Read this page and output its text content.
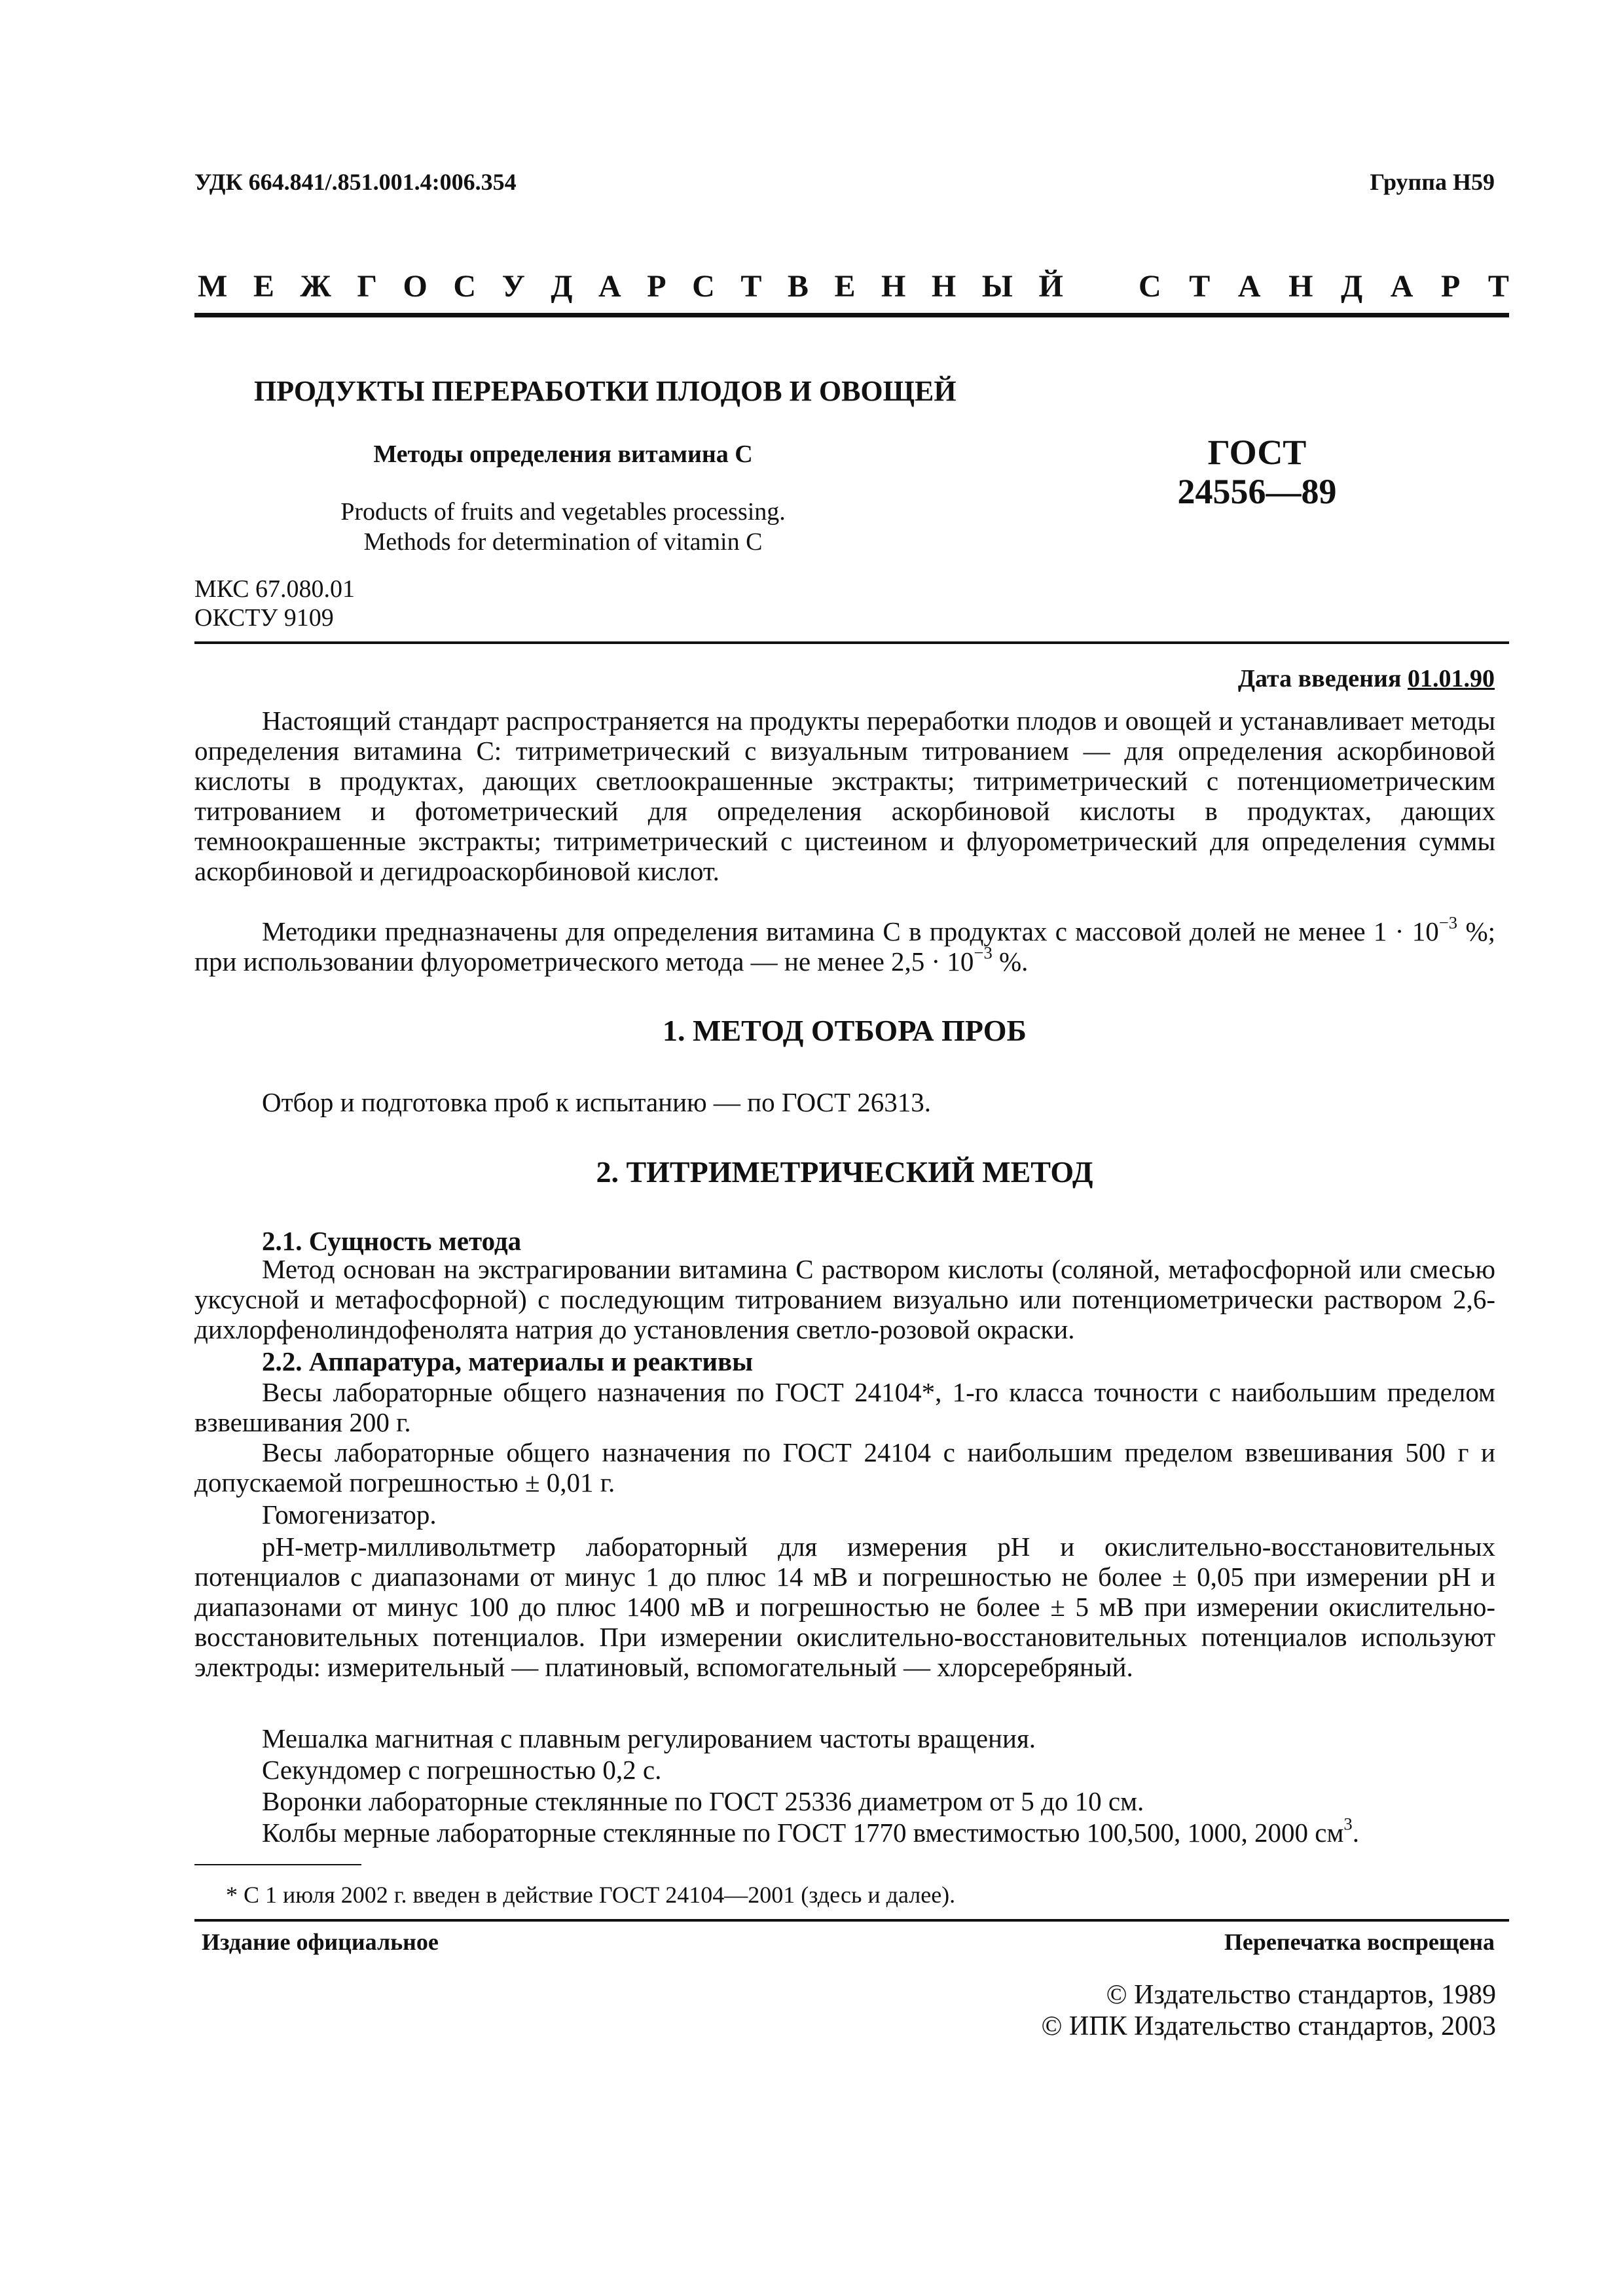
УДК 664.841/.851.001.4:006.354	Группа Н59
М Е Ж Г О С У Д А Р С Т В Е Н Н Ы Й С Т А Н Д А Р Т
ПРОДУКТЫ ПЕРЕРАБОТКИ ПЛОДОВ И ОВОЩЕЙ
Методы определения витамина С
Products of fruits and vegetables processing.
Methods for determination of vitamin C
ГОСТ
24556—89
МКС 67.080.01
ОКСТУ 9109
Дата введения 01.01.90
Настоящий стандарт распространяется на продукты переработки плодов и овощей и устанавливает методы определения витамина С: титриметрический с визуальным титрованием — для определения аскорбиновой кислоты в продуктах, дающих светлоокрашенные экстракты; титриметрический с потенциометрическим титрованием и фотометрический для определения аскорбиновой кислоты в продуктах, дающих темноокрашенные экстракты; титриметрический с цистеином и флуорометрический для определения суммы аскорбиновой и дегидроаскорбиновой кислот.
Методики предназначены для определения витамина С в продуктах с массовой долей не менее $1 \cdot 10^{-3}$ %; при использовании флуорометрического метода — не менее $2,5 \cdot 10^{-3}$ %.
1. МЕТОД ОТБОРА ПРОБ
Отбор и подготовка проб к испытанию — по ГОСТ 26313.
2. ТИТРИМЕТРИЧЕСКИЙ МЕТОД
2.1. Сущность метода
Метод основан на экстрагировании витамина С раствором кислоты (соляной, метафосфорной или смесью уксусной и метафосфорной) с последующим титрованием визуально или потенциометрически раствором 2,6-дихлорфенолиндофенолята натрия до установления светло-розовой окраски.
2.2. Аппаратура, материалы и реактивы
Весы лабораторные общего назначения по ГОСТ 24104*, 1-го класса точности с наибольшим пределом взвешивания 200 г.
Весы лабораторные общего назначения по ГОСТ 24104 с наибольшим пределом взвешивания 500 г и допускаемой погрешностью ± 0,01 г.
Гомогенизатор.
рН-метр-милливольтметр лабораторный для измерения рН и окислительно-восстановительных потенциалов с диапазонами от минус 1 до плюс 14 мВ и погрешностью не более ± 0,05 при измерении рН и диапазонами от минус 100 до плюс 1400 мВ и погрешностью не более ± 5 мВ при измерении окислительно-восстановительных потенциалов. При измерении окислительно-восстановительных потенциалов используют электроды: измерительный — платиновый, вспомогательный — хлорсеребряный.
Мешалка магнитная с плавным регулированием частоты вращения.
Секундомер с погрешностью 0,2 с.
Воронки лабораторные стеклянные по ГОСТ 25336 диаметром от 5 до 10 см.
Колбы мерные лабораторные стеклянные по ГОСТ 1770 вместимостью 100,500, 1000, 2000 $см^3$.
* С 1 июля 2002 г. введен в действие ГОСТ 24104—2001 (здесь и далее).
Издание официальное	Перепечатка воспрещена
© Издательство стандартов, 1989
© ИПК Издательство стандартов, 2003
